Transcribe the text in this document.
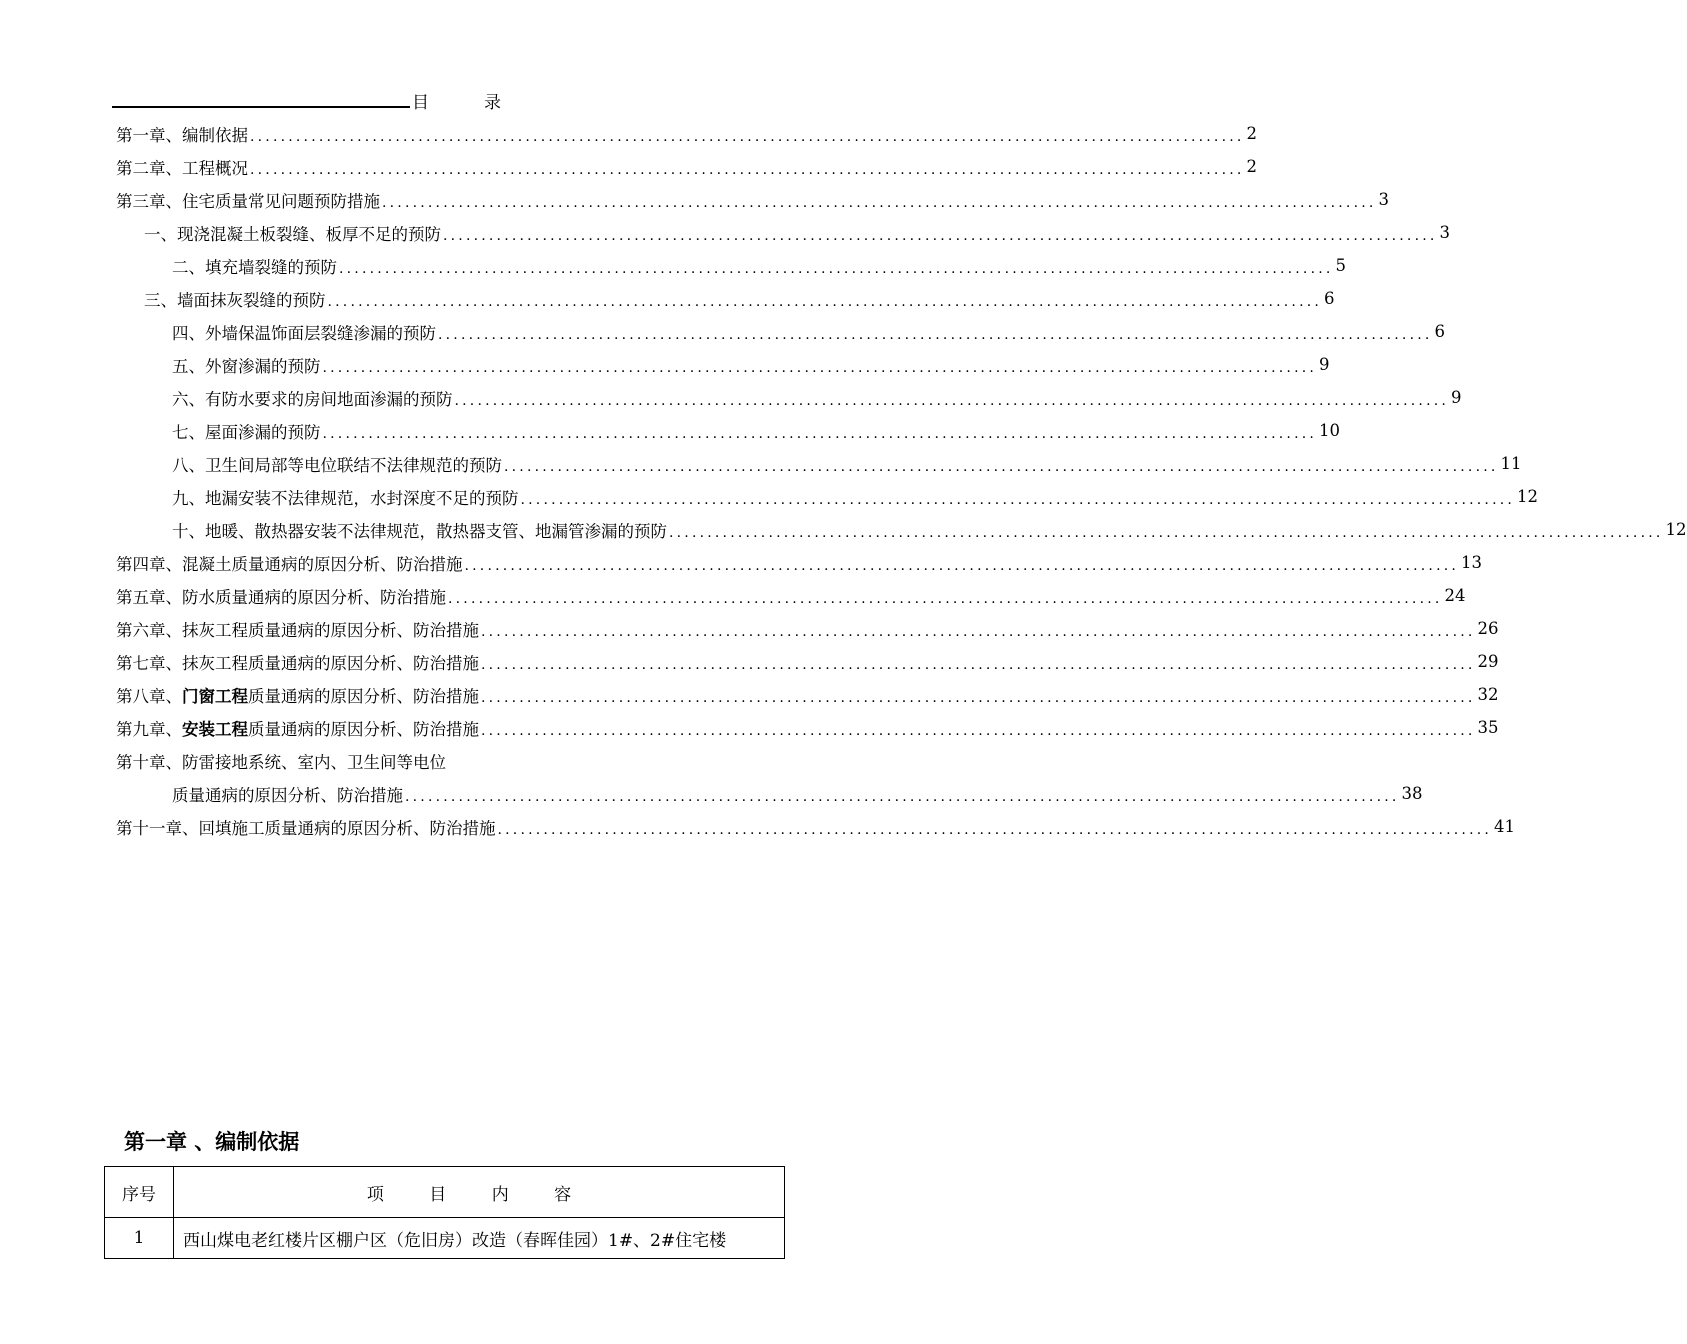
目	录
第一章、编制依据 .................................................................................................................................. 2
第二章、工程概况 .................................................................................................................................. 2
第三章、住宅质量常见问题预防措施 .................................................................................................................................. 3
一、现浇混凝土板裂缝、板厚不足的预防 .................................................................................................................................. 3
二、填充墙裂缝的预防 .................................................................................................................................. 5
三、墙面抹灰裂缝的预防 .................................................................................................................................. 6
四、外墙保温饰面层裂缝渗漏的预防 .................................................................................................................................. 6
五、外窗渗漏的预防 .................................................................................................................................. 9
六、有防水要求的房间地面渗漏的预防 .................................................................................................................................. 9
七、屋面渗漏的预防 .................................................................................................................................. 10
八、卫生间局部等电位联结不法律规范的预防 .................................................................................................................................. 11
九、地漏安装不法律规范，水封深度不足的预防 .................................................................................................................................. 12
十、地暖、散热器安装不法律规范，散热器支管、地漏管渗漏的预防 .................................................................................................................................. 12
第四章、混凝土质量通病的原因分析、防治措施 .................................................................................................................................. 13
第五章、防水质量通病的原因分析、防治措施 .................................................................................................................................. 24
第六章、抹灰工程质量通病的原因分析、防治措施 .................................................................................................................................. 26
第七章、抹灰工程质量通病的原因分析、防治措施 .................................................................................................................................. 29
第八章、门窗工程质量通病的原因分析、防治措施 .................................................................................................................................. 32
第九章、安装工程质量通病的原因分析、防治措施 .................................................................................................................................. 35
第十章、防雷接地系统、室内、卫生间等电位
质量通病的原因分析、防治措施 .................................................................................................................................. 38
第十一章、回填施工质量通病的原因分析、防治措施 .................................................................................................................................. 41
第一章 、编制依据
序号	项 目 内 容
1	西山煤电老红楼片区棚户区（危旧房）改造（春晖佳园）1#、2#住宅楼
